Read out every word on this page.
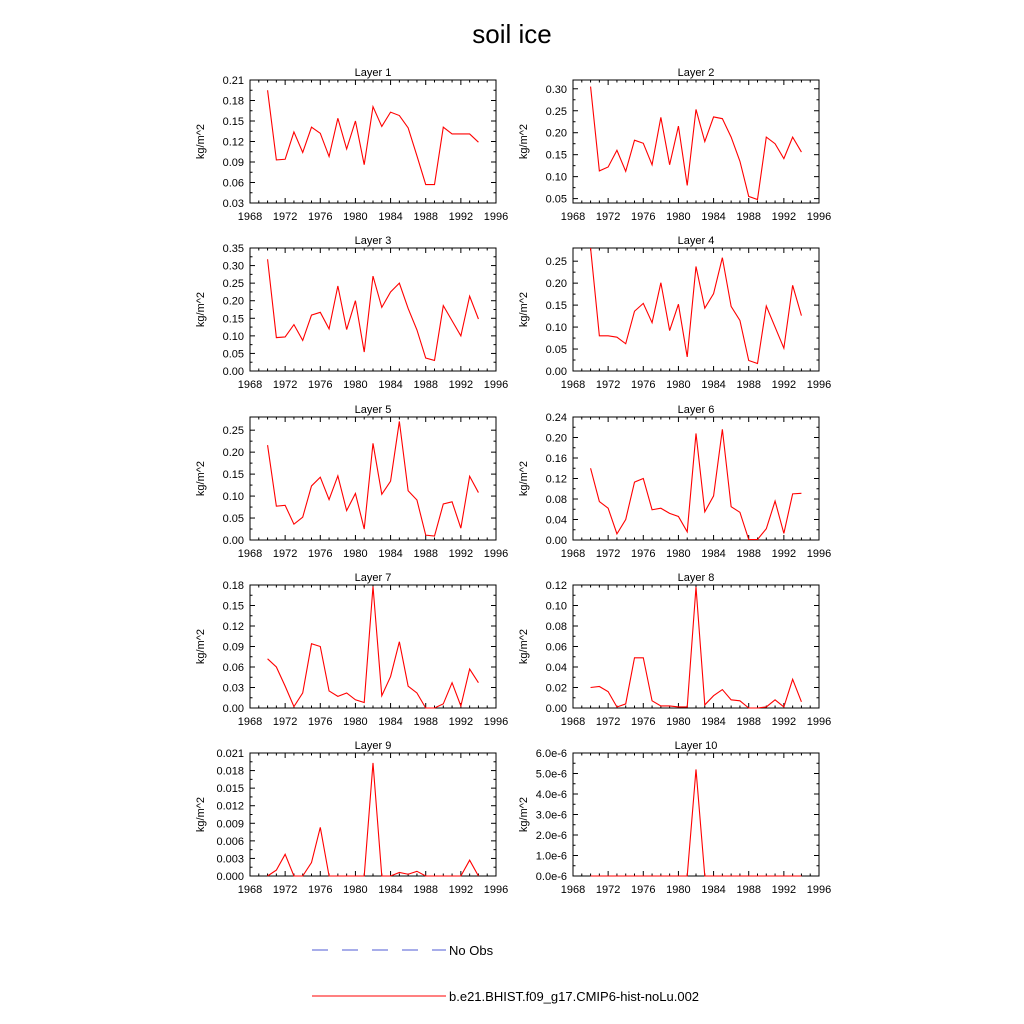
soil ice
Layer 1
kg/m^2
1968 1972 1976 1980 1984 1988 1992 1996
0.03
0.06
0.09
0.12
0.15
0.18
0.21
Layer 2
kg/m^2
1968 1972 1976 1980 1984 1988 1992 1996
0.05
0.10
0.15
0.20
0.25
0.30
Layer 3
kg/m^2
1968 1972 1976 1980 1984 1988 1992 1996
0.00
0.05
0.10
0.15
0.20
0.25
0.30
0.35
Layer 4
kg/m^2
1968 1972 1976 1980 1984 1988 1992 1996
0.00
0.05
0.10
0.15
0.20
0.25
Layer 5
kg/m^2
1968 1972 1976 1980 1984 1988 1992 1996
0.00
0.05
0.10
0.15
0.20
0.25
Layer 6
kg/m^2
1968 1972 1976 1980 1984 1988 1992 1996
0.00
0.04
0.08
0.12
0.16
0.20
0.24
Layer 7
kg/m^2
1968 1972 1976 1980 1984 1988 1992 1996
0.00
0.03
0.06
0.09
0.12
0.15
0.18
Layer 8
kg/m^2
1968 1972 1976 1980 1984 1988 1992 1996
0.00
0.02
0.04
0.06
0.08
0.10
0.12
Layer 9
kg/m^2
1968 1972 1976 1980 1984 1988 1992 1996
0.000
0.003
0.006
0.009
0.012
0.015
0.018
0.021
Layer 10
kg/m^2
1968 1972 1976 1980 1984 1988 1992 1996
0.0e-6
1.0e-6
2.0e-6
3.0e-6
4.0e-6
5.0e-6
6.0e-6
No Obs
b.e21.BHIST.f09_g17.CMIP6-hist-noLu.002
